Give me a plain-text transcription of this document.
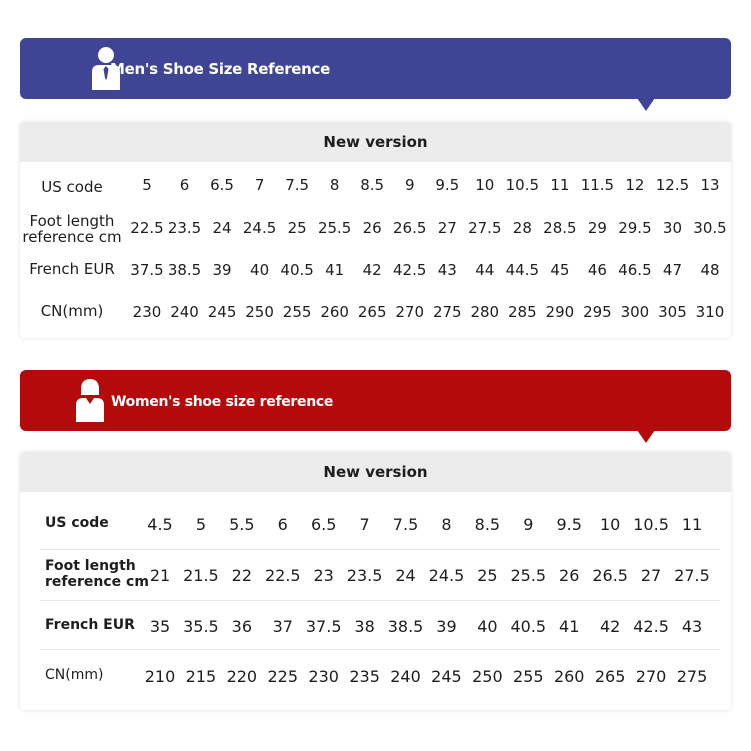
Men's Shoe Size Reference
New version
US code	5	6	6.5	7	7.5	8	8.5	9	9.5	10 10.5 11 11.5 12 12.5 13
Foot length
reference cm 22.5 23.5 24 24.5 25 25.5 26 26.5 27 27.5 28 28.5 29 29.5 30 30.5
French EUR	37.5 38.5 39	40 40.5 41	42 42.5 43	44 44.5 45	46 46.5 47	48
CN(mm)	230 240 245 250 255 260 265 270 275 280 285 290 295 300 305 310
Women's shoe size reference
New version
US code	4.5	5	5.5	6	6.5	7	7.5	8	8.5	9	9.5	10 10.5 11
Foot length
reference cm 21 21.5 22 22.5 23 23.5 24 24.5 25 25.5 26 26.5 27 27.5
French EUR 35 35.5 36	37 37.5 38 38.5 39	40 40.5 41	42 42.5 43
CN(mm)	210 215 220 225 230 235 240 245 250 255 260 265 270 275
